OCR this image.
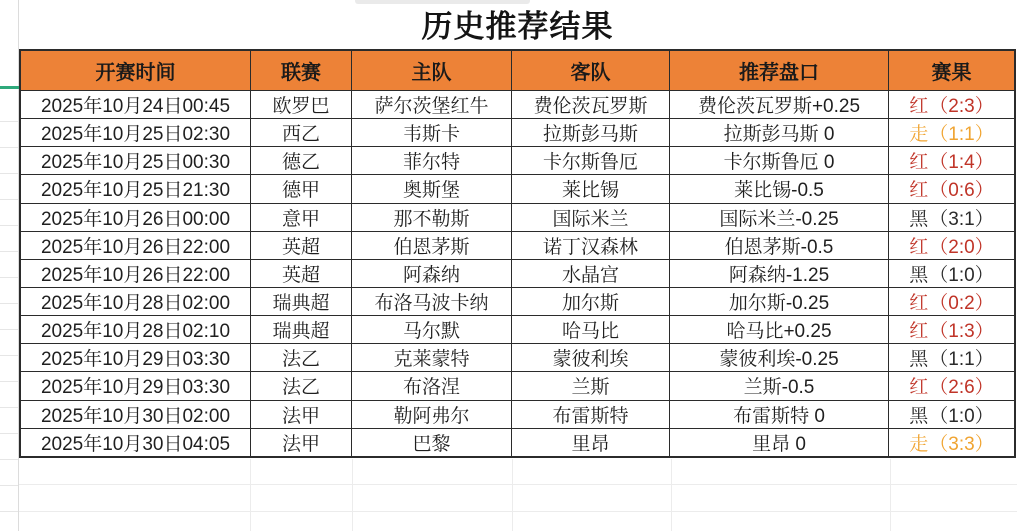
历史推荐结果
开赛时间	联赛	主队	客队	推荐盘口	赛果
2025年10月24日00:45	欧罗巴	萨尔茨堡红牛	费伦茨瓦罗斯	费伦茨瓦罗斯+0.25	红 （2:3）
2025年10月25日02:30	西乙	韦斯卡	拉斯彭马斯	拉斯彭马斯 0	走 （1:1）
2025年10月25日00:30	德乙	菲尔特	卡尔斯鲁厄	卡尔斯鲁厄 0	红 （1:4）
2025年10月25日21:30	德甲	奥斯堡	莱比锡	莱比锡-0.5	红 （0:6）
2025年10月26日00:00	意甲	那不勒斯	国际米兰	国际米兰-0.25	黑 （3:1）
2025年10月26日22:00	英超	伯恩茅斯	诺丁汉森林	伯恩茅斯-0.5	红 （2:0）
2025年10月26日22:00	英超	阿森纳	水晶宫	阿森纳-1.25	黑 （1:0）
2025年10月28日02:00	瑞典超	布洛马波卡纳	加尔斯	加尔斯-0.25	红 （0:2）
2025年10月28日02:10	瑞典超	马尔默	哈马比	哈马比+0.25	红 （1:3）
2025年10月29日03:30	法乙	克莱蒙特	蒙彼利埃	蒙彼利埃-0.25	黑 （1:1）
2025年10月29日03:30	法乙	布洛涅	兰斯	兰斯-0.5	红 （2:6）
2025年10月30日02:00	法甲	勒阿弗尔	布雷斯特	布雷斯特 0	黑 （1:0）
2025年10月30日04:05	法甲	巴黎	里昂	里昂 0	走 （3:3）
